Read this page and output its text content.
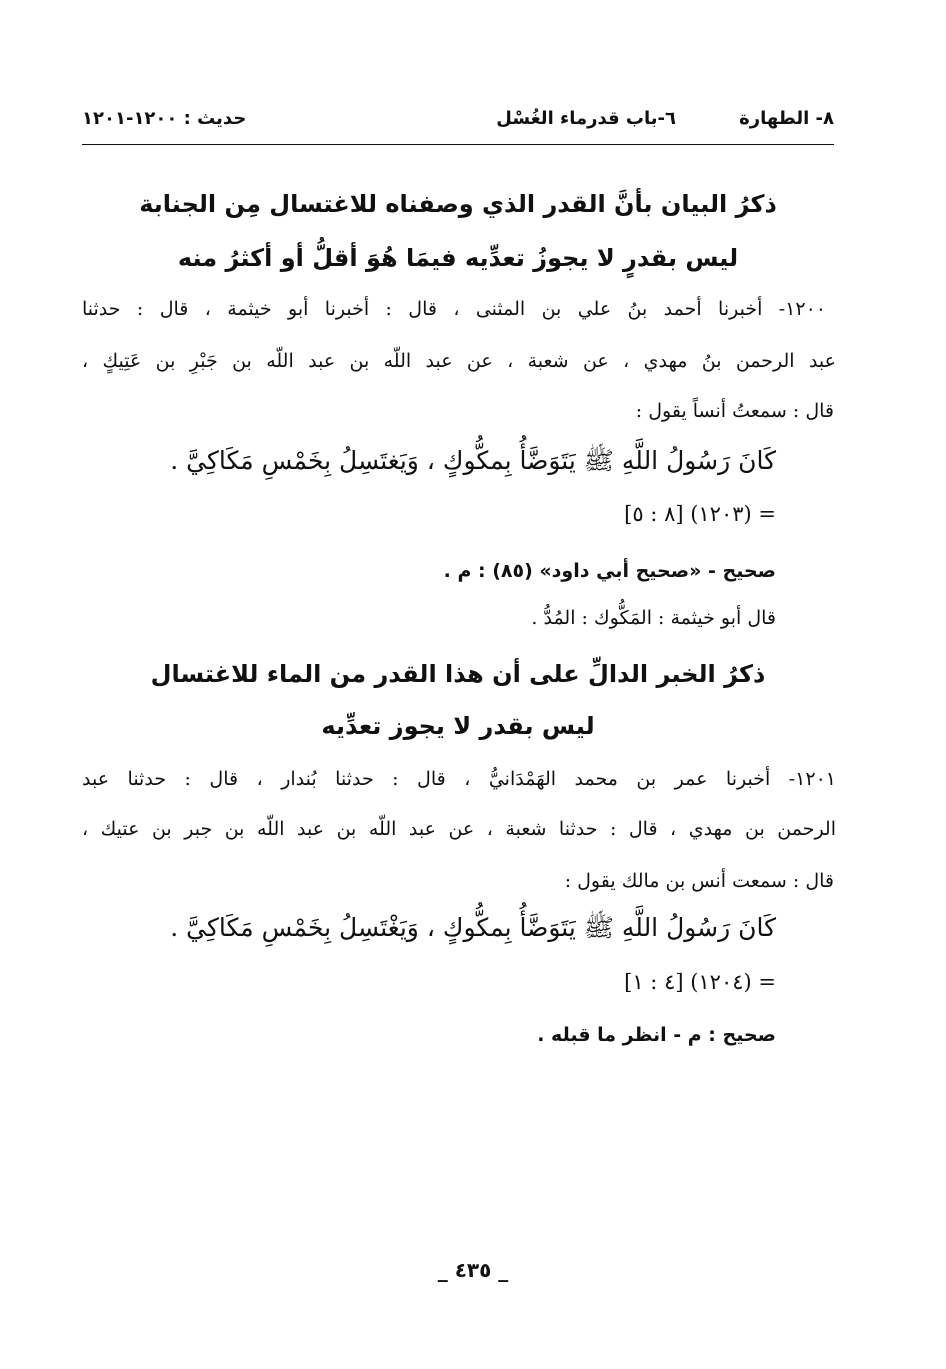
٨- الطهارة
٦-باب قدرماء الغُسْل
حديث : ١٢٠٠-١٢٠١
ذكرُ البيان بأنَّ القدر الذي وصفناه للاغتسال مِن الجنابة
ليس بقدرٍ لا يجوزُ تعدِّيه فيمَا هُوَ أقلُّ أو أكثرُ منه
١٢٠٠- أخبرنا أحمد بنُ علي بن المثنى ، قال : أخبرنا أبو خيثمة ، قال : حدثنا
عبد الرحمن بنُ مهدي ، عن شعبة ، عن عبد اللّه بن عبد اللّه بن جَبْرِ بن عَتِيكٍ ،
قال : سمعتُ أنساً يقول :
كَانَ رَسُولُ اللَّهِ ﷺ يَتَوَضَّأُ بِمكُّوكٍ ، وَيَغتَسِلُ بِخَمْسِ مَكَاكِيَّ .
= (١٢٠٣) [٨ : ٥]
صحيح - «صحيح أبي داود» (٨٥) : م .
قال أبو خيثمة : المَكُّوك : المُدُّ .
ذكرُ الخبر الدالِّ على أن هذا القدر من الماء للاغتسال
ليس بقدر لا يجوز تعدِّيه
١٢٠١- أخبرنا عمر بن محمد الهَمْدَانيُّ ، قال : حدثنا بُندار ، قال : حدثنا عبد
الرحمن بن مهدي ، قال : حدثنا شعبة ، عن عبد اللّه بن عبد اللّه بن جبر بن عتيك ،
قال : سمعت أنس بن مالك يقول :
كَانَ رَسُولُ اللَّهِ ﷺ يَتَوَضَّأُ بِمكُّوكٍ ، وَيَغْتَسِلُ بِخَمْسِ مَكَاكِيَّ .
= (١٢٠٤) [٤ : ١]
صحيح : م - انظر ما قبله .
_ ٤٣٥ _
